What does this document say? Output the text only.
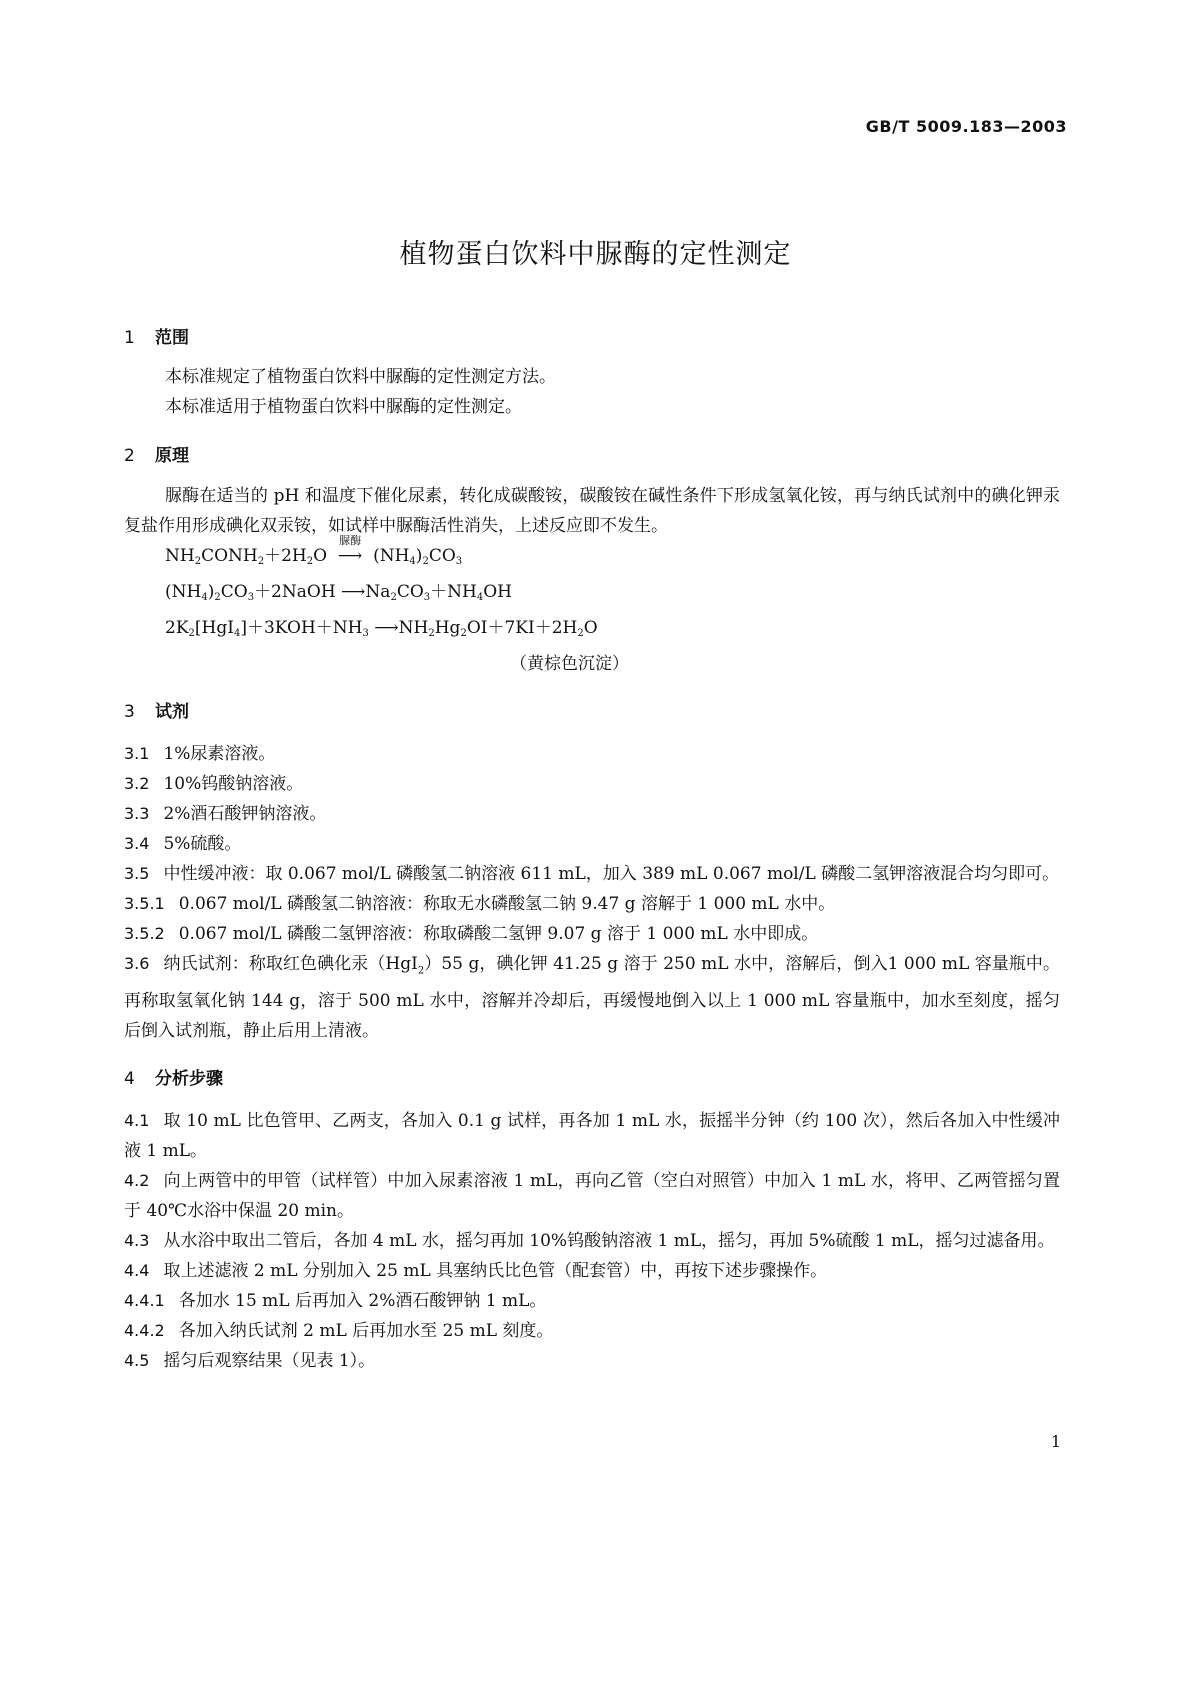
GB/T 5009.183—2003
植物蛋白饮料中脲酶的定性测定
1 范围
本标准规定了植物蛋白饮料中脲酶的定性测定方法。
本标准适用于植物蛋白饮料中脲酶的定性测定。
2 原理
脲酶在适当的 pH 和温度下催化尿素，转化成碳酸铵，碳酸铵在碱性条件下形成氢氧化铵，再与纳氏试剂中的碘化钾汞复盐作用形成碘化双汞铵，如试样中脲酶活性消失，上述反应即不发生。
$NH_2CONH_2+2H_2O$
脲酶
⟶ $(NH_4)_2CO_3$
$(NH_4)_2CO_3+2NaOH$ $⟶Na_2CO_3+NH_4OH$
$2K_2[HgI_4]+3KOH+NH_3$ $⟶NH_2Hg_2OI+7KI+2H_2O$
（黄棕色沉淀）
3 试剂
3.1 1%尿素溶液。
3.2 10%钨酸钠溶液。
3.3 2%酒石酸钾钠溶液。
3.4 5%硫酸。
3.5 中性缓冲液：取 0.067 mol/L 磷酸氢二钠溶液 611 mL，加入 389 mL 0.067 mol/L 磷酸二氢钾溶液混合均匀即可。
3.5.1 0.067 mol/L 磷酸氢二钠溶液：称取无水磷酸氢二钠 9.47 g 溶解于 1 000 mL 水中。
3.5.2 0.067 mol/L 磷酸二氢钾溶液：称取磷酸二氢钾 9.07 g 溶于 1 000 mL 水中即成。
3.6 纳氏试剂：称取红色碘化汞（HgI$_2$）55 g，碘化钾 41.25 g 溶于 250 mL 水中，溶解后，倒入1 000 mL 容量瓶中。再称取氢氧化钠 144 g，溶于 500 mL 水中，溶解并冷却后，再缓慢地倒入以上 1 000 mL 容量瓶中，加水至刻度，摇匀后倒入试剂瓶，静止后用上清液。
4 分析步骤
4.1 取 10 mL 比色管甲、乙两支，各加入 0.1 g 试样，再各加 1 mL 水，振摇半分钟（约 100 次），然后各加入中性缓冲液 1 mL。
4.2 向上两管中的甲管（试样管）中加入尿素溶液 1 mL，再向乙管（空白对照管）中加入 1 mL 水，将甲、乙两管摇匀置于 40℃水浴中保温 20 min。
4.3 从水浴中取出二管后，各加 4 mL 水，摇匀再加 10%钨酸钠溶液 1 mL，摇匀，再加 5%硫酸 1 mL，摇匀过滤备用。
4.4 取上述滤液 2 mL 分别加入 25 mL 具塞纳氏比色管（配套管）中，再按下述步骤操作。
4.4.1 各加水 15 mL 后再加入 2%酒石酸钾钠 1 mL。
4.4.2 各加入纳氏试剂 2 mL 后再加水至 25 mL 刻度。
4.5 摇匀后观察结果（见表 1）。
1
